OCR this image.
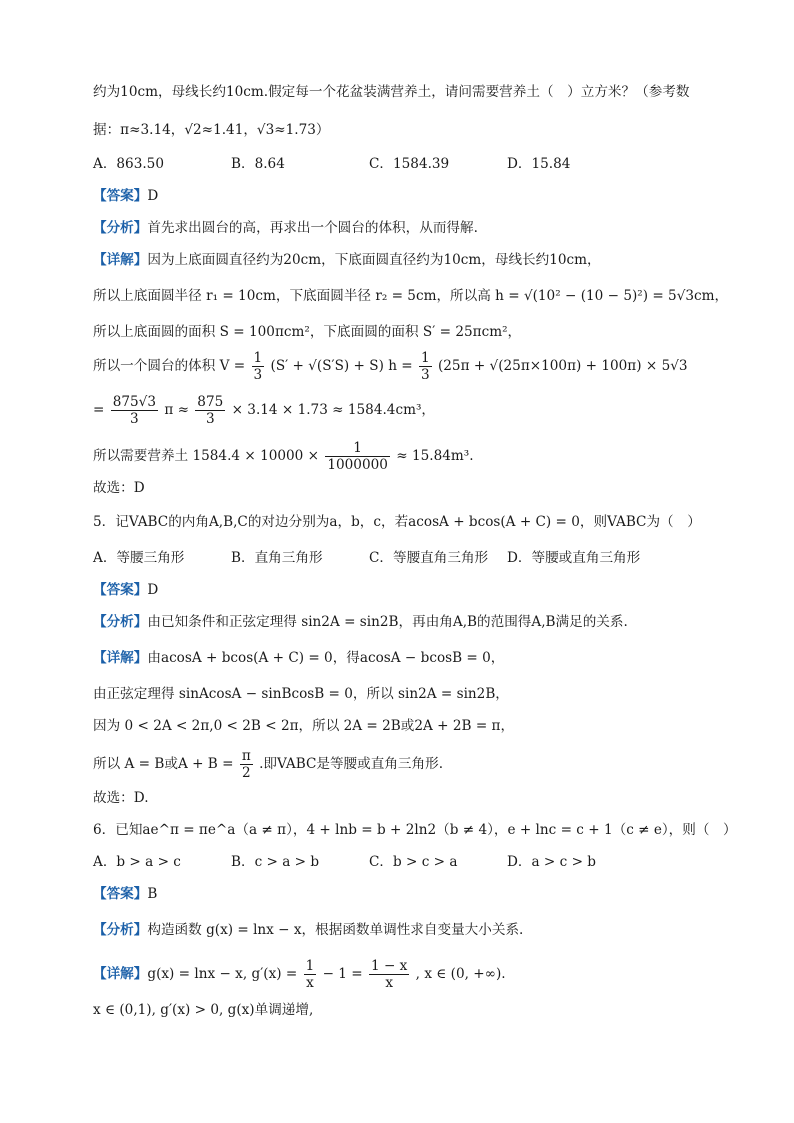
约为10cm，母线长约10cm.假定每一个花盆装满营养土，请问需要营养土（　）立方米？（参考数
据：π≈3.14，√2≈1.41，√3≈1.73）
A．863.50	B．8.64	C．1584.39	D．15.84
【答案】D
【分析】首先求出圆台的高，再求出一个圆台的体积，从而得解.
【详解】因为上底面圆直径约为20cm，下底面圆直径约为10cm，母线长约10cm，
所以上底面圆半径 r₁ = 10cm，下底面圆半径 r₂ = 5cm，所以高 h = √(10² − (10 − 5)²) = 5√3cm，
所以上底面圆的面积 S = 100πcm²，下底面圆的面积 S′ = 25πcm²，
所以一个圆台的体积 $V = \frac{1}{3} (S' + √(S'S) + S) h = \frac{1}{3} (25\pi + √(25\pi\times 100\pi) + 100\pi) \times 5√3$
= $\frac{875√3}{3}$ $\pi \approx \frac{875}{3} \times 3.14 \times 1.73 \approx 1584.4cm^3$，
所以需要营养土 $1584.4 \times 10000 \times \frac{1}{1000000} \approx 15.84m^3$.
故选：D
5．记VABC的内角A,B,C的对边分别为a，b，c，若acosA + bcos(A + C) = 0，则VABC为（　）
A．等腰三角形	B．直角三角形	C．等腰直角三角形 D．等腰或直角三角形
【答案】D
【分析】由已知条件和正弦定理得 sin2A = sin2B，再由角A,B的范围得A,B满足的关系.
【详解】由acosA + bcos(A + C) = 0，得acosA − bcosB = 0，
由正弦定理得 sinAcosA − sinBcosB = 0，所以 sin2A = sin2B，
因为 0 < 2A < 2π,0 < 2B < 2π，所以 2A = 2B或2A + 2B = π，
所以 A = B或$A + B = \frac{\pi}{2}$ .即VABC是等腰或直角三角形.
故选：D.
6．已知ae^π = πe^a（a ≠ π），4 + lnb = b + 2ln2（b ≠ 4），e + lnc = c + 1（c ≠ e），则（　）
A．b > a > c	B．c > a > b	C．b > c > a	D．a > c > b
【答案】B
【分析】构造函数 g(x) = lnx − x，根据函数单调性求自变量大小关系.
【详解】g(x) = lnx − x, $g'(x) = \frac{1}{x} - 1 = \frac{1 - x}{x}$ , x ∈ (0, +∞).
x ∈ (0,1), g′(x) > 0, g(x)单调递增,
